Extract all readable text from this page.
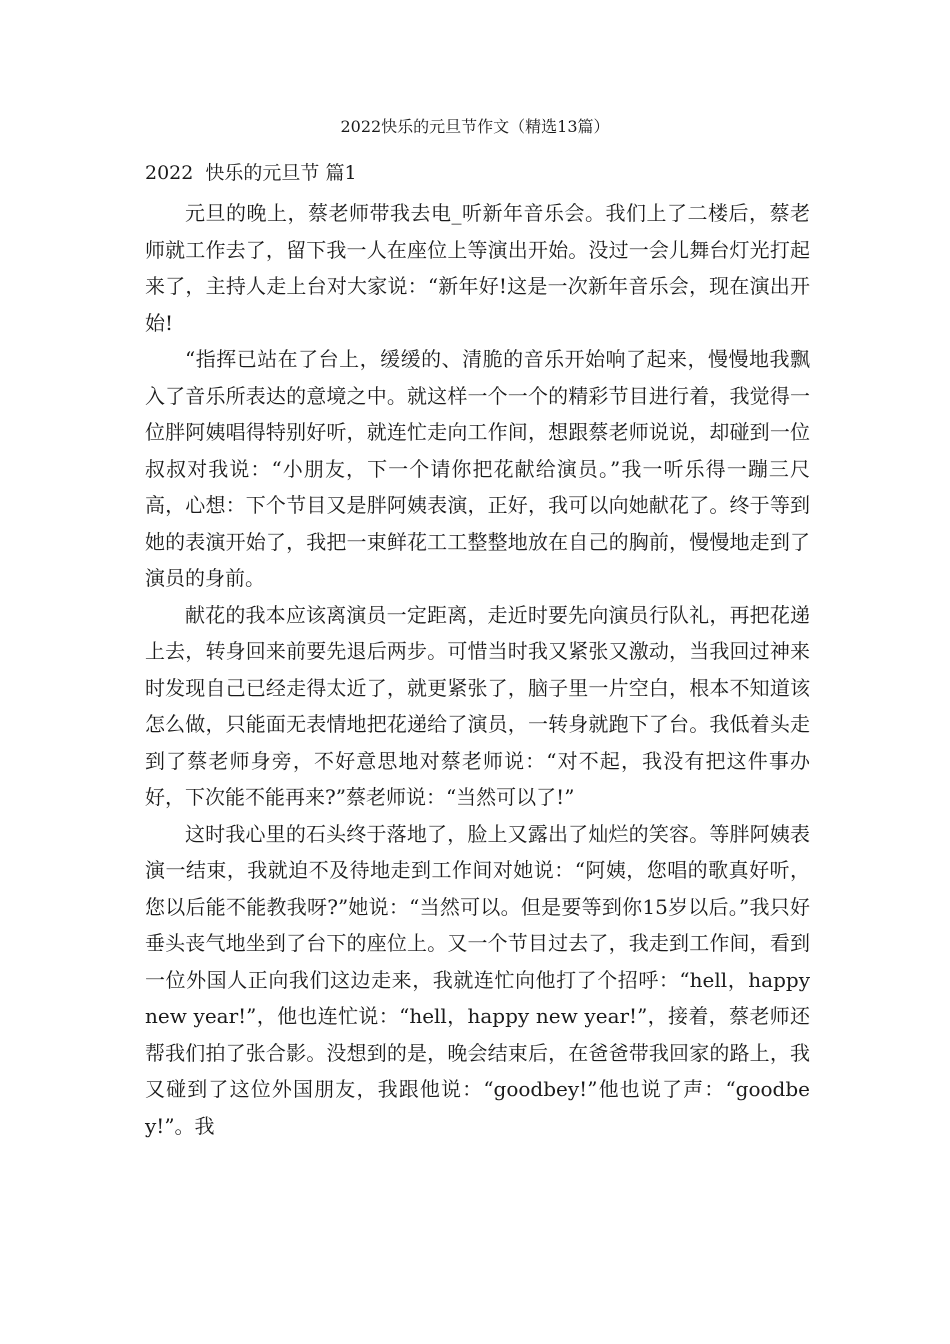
2022快乐的元旦节作文（精选13篇）
2022  快乐的元旦节 篇1

元旦的晚上，蔡老师带我去电_听新年音乐会。我们上了二楼后，蔡老师就工作去了，留下我一人在座位上等演出开始。没过一会儿舞台灯光打起来了，主持人走上台对大家说：“新年好!这是一次新年音乐会，现在演出开始!

“指挥已站在了台上，缓缓的、清脆的音乐开始响了起来，慢慢地我飘入了音乐所表达的意境之中。就这样一个一个的精彩节目进行着，我觉得一位胖阿姨唱得特别好听，就连忙走向工作间，想跟蔡老师说说，却碰到一位叔叔对我说：“小朋友，下一个请你把花献给演员。”我一听乐得一蹦三尺高，心想：下个节目又是胖阿姨表演，正好，我可以向她献花了。终于等到她的表演开始了，我把一束鲜花工工整整地放在自己的胸前，慢慢地走到了演员的身前。

献花的我本应该离演员一定距离，走近时要先向演员行队礼，再把花递上去，转身回来前要先退后两步。可惜当时我又紧张又激动，当我回过神来时发现自己已经走得太近了，就更紧张了，脑子里一片空白，根本不知道该怎么做，只能面无表情地把花递给了演员，一转身就跑下了台。我低着头走到了蔡老师身旁，不好意思地对蔡老师说：“对不起，我没有把这件事办好，下次能不能再来?”蔡老师说：“当然可以了!”

这时我心里的石头终于落地了，脸上又露出了灿烂的笑容。等胖阿姨表演一结束，我就迫不及待地走到工作间对她说：“阿姨，您唱的歌真好听，您以后能不能教我呀?”她说：“当然可以。但是要等到你15岁以后。”我只好垂头丧气地坐到了台下的座位上。又一个节目过去了，我走到工作间，看到一位外国人正向我们这边走来，我就连忙向他打了个招呼：“hell，happy new year!”，他也连忙说：“hell，happy new year!”，接着，蔡老师还帮我们拍了张合影。没想到的是，晚会结束后，在爸爸带我回家的路上，我又碰到了这位外国朋友，我跟他说：“goodbey!”他也说了声：“goodbey!”。我
